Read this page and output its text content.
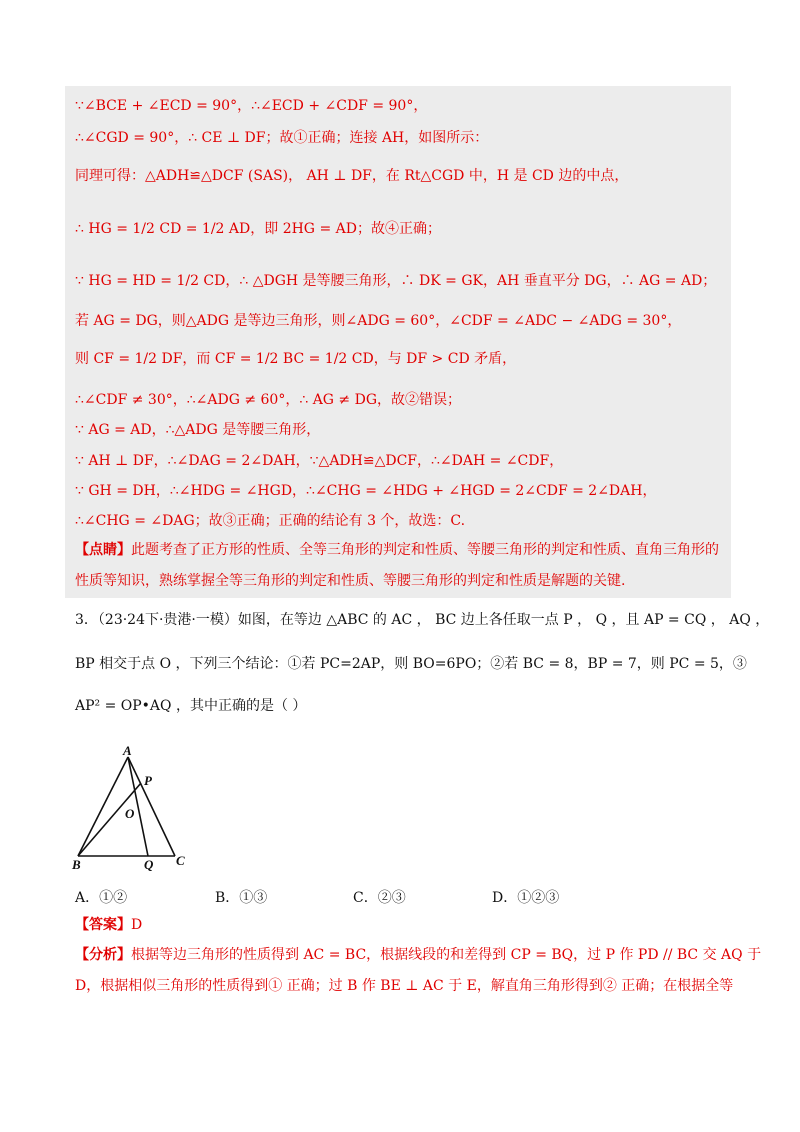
∵∠BCE + ∠ECD = 90°，∴∠ECD + ∠CDF = 90°，
∴∠CGD = 90°，∴ CE ⊥ DF；故①正确；连接 AH，如图所示：
同理可得：△ADH≌△DCF (SAS)， AH ⊥ DF，在 Rt△CGD 中，H 是 CD 边的中点，
∴ HG = 1/2 CD = 1/2 AD，即 2HG = AD；故④正确；
∵ HG = HD = 1/2 CD，∴ △DGH 是等腰三角形，∴ DK = GK，AH 垂直平分 DG，∴ AG = AD；
若 AG = DG，则△ADG 是等边三角形，则∠ADG = 60°，∠CDF = ∠ADC − ∠ADG = 30°，
则 CF = 1/2 DF，而 CF = 1/2 BC = 1/2 CD，与 DF > CD 矛盾，
∴∠CDF ≠ 30°，∴∠ADG ≠ 60°，∴ AG ≠ DG，故②错误；
∵ AG = AD，∴△ADG 是等腰三角形，
∵ AH ⊥ DF，∴∠DAG = 2∠DAH，∵△ADH≌△DCF，∴∠DAH = ∠CDF，
∵ GH = DH，∴∠HDG = ∠HGD，∴∠CHG = ∠HDG + ∠HGD = 2∠CDF = 2∠DAH，
∴∠CHG = ∠DAG；故③正确；正确的结论有 3 个，故选：C.
【点睛】此题考查了正方形的性质、全等三角形的判定和性质、等腰三角形的判定和性质、直角三角形的
性质等知识，熟练掌握全等三角形的判定和性质、等腰三角形的判定和性质是解题的关键.
3．（23·24下·贵港·一模）如图，在等边 △ABC 的 AC ， BC 边上各任取一点 P ， Q ，且 AP = CQ ， AQ ，
BP 相交于点 O ，下列三个结论：①若 PC=2AP，则 BO=6PO；②若 BC = 8，BP = 7，则 PC = 5，③
AP² = OP•AQ ，其中正确的是（ ）
A
P
O
B	Q C
A．①②	B．①③	C．②③	D．①②③
【答案】D
【分析】根据等边三角形的性质得到 AC = BC，根据线段的和差得到 CP = BQ，过 P 作 PD // BC 交 AQ 于
D，根据相似三角形的性质得到① 正确；过 B 作 BE ⊥ AC 于 E，解直角三角形得到② 正确；在根据全等
